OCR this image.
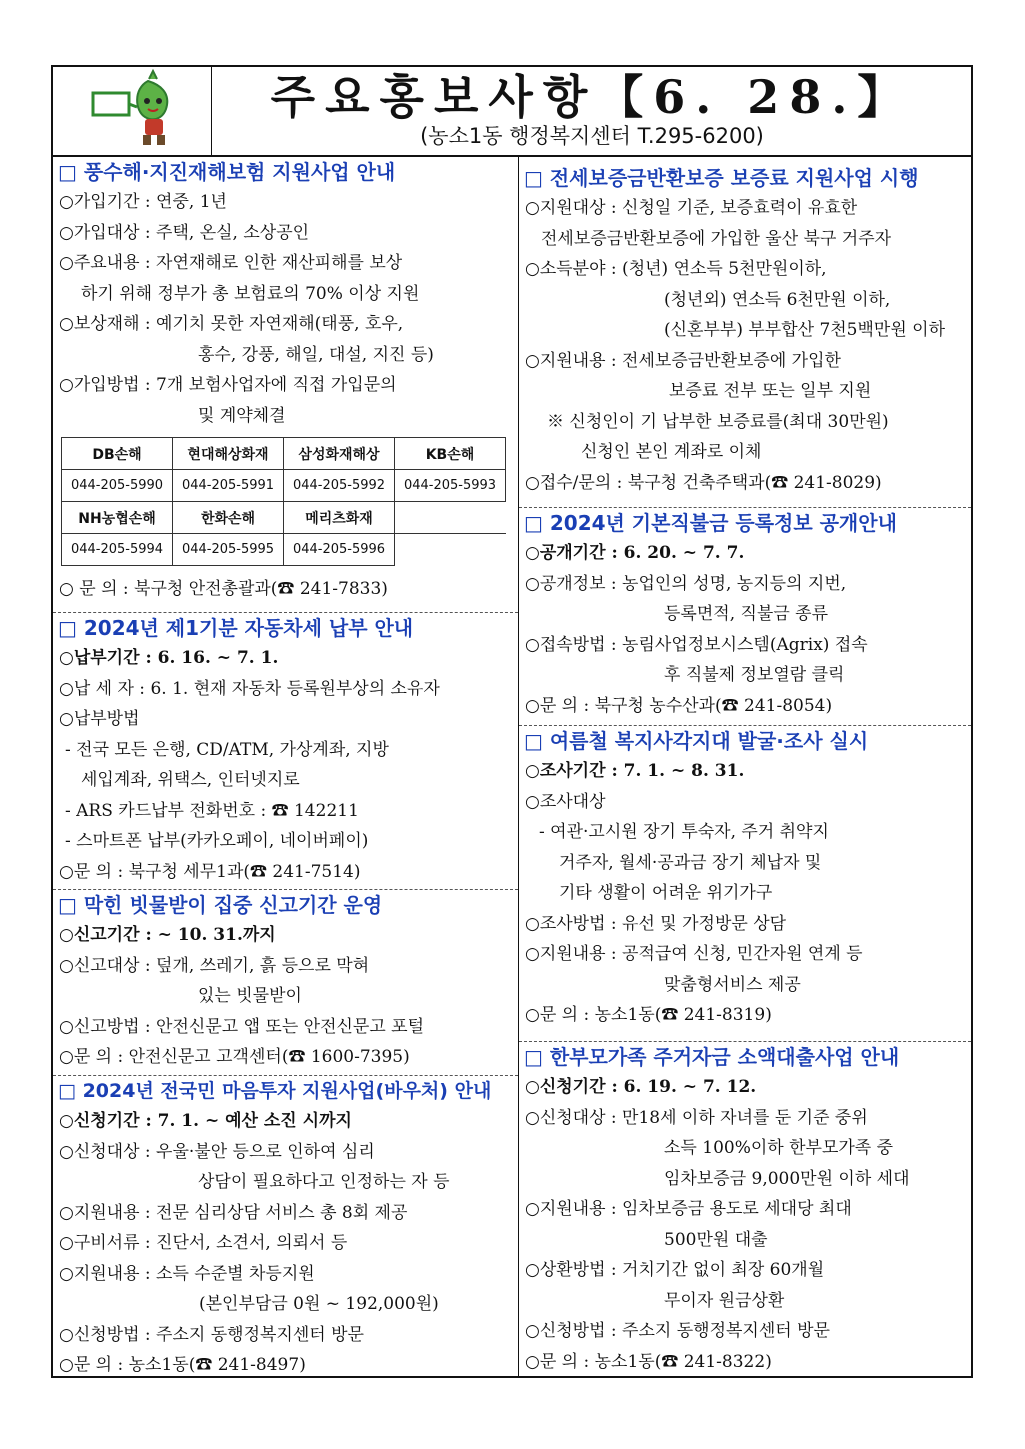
주요홍보사항【6. 28.】
(농소1동 행정복지센터 T.295-6200)
□ 풍수해·지진재해보험 지원사업 안내
○가입기간 : 연중, 1년
○가입대상 : 주택, 온실, 소상공인
○주요내용 : 자연재해로 인한 재산피해를 보상
하기 위해 정부가 총 보험료의 70% 이상 지원
○보상재해 : 예기치 못한 자연재해(태풍, 호우,
홍수, 강풍, 해일, 대설, 지진 등)
○가입방법 : 7개 보험사업자에 직접 가입문의
및 계약체결
DB손해	현대해상화재	삼성화재해상	KB손해
044-205-5990	044-205-5991	044-205-5992	044-205-5993
NH농협손해	한화손해	메리츠화재	
044-205-5994	044-205-5995	044-205-5996	
○ 문 의 : 북구청 안전총괄과(☎ 241-7833)
□ 2024년 제1기분 자동차세 납부 안내
○납부기간 : 6. 16. ~ 7. 1.
○납 세 자 : 6. 1. 현재 자동차 등록원부상의 소유자
○납부방법
- 전국 모든 은행, CD/ATM, 가상계좌, 지방
세입계좌, 위택스, 인터넷지로
- ARS 카드납부 전화번호 : ☎ 142211
- 스마트폰 납부(카카오페이, 네이버페이)
○문 의 : 북구청 세무1과(☎ 241-7514)
□ 막힌 빗물받이 집중 신고기간 운영
○신고기간 : ~ 10. 31.까지
○신고대상 : 덮개, 쓰레기, 흙 등으로 막혀
있는 빗물받이
○신고방법 : 안전신문고 앱 또는 안전신문고 포털
○문 의 : 안전신문고 고객센터(☎ 1600-7395)
□ 2024년 전국민 마음투자 지원사업(바우처) 안내
○신청기간 : 7. 1. ~ 예산 소진 시까지
○신청대상 : 우울·불안 등으로 인하여 심리
상담이 필요하다고 인정하는 자 등
○지원내용 : 전문 심리상담 서비스 총 8회 제공
○구비서류 : 진단서, 소견서, 의뢰서 등
○지원내용 : 소득 수준별 차등지원
(본인부담금 0원 ~ 192,000원)
○신청방법 : 주소지 동행정복지센터 방문
○문 의 : 농소1동(☎ 241-8497)
□ 전세보증금반환보증 보증료 지원사업 시행
○지원대상 : 신청일 기준, 보증효력이 유효한
전세보증금반환보증에 가입한 울산 북구 거주자
○소득분야 : (청년) 연소득 5천만원이하,
(청년외) 연소득 6천만원 이하,
(신혼부부) 부부합산 7천5백만원 이하
○지원내용 : 전세보증금반환보증에 가입한
보증료 전부 또는 일부 지원
※ 신청인이 기 납부한 보증료를(최대 30만원)
신청인 본인 계좌로 이체
○접수/문의 : 북구청 건축주택과(☎ 241-8029)
□ 2024년 기본직불금 등록정보 공개안내
○공개기간 : 6. 20. ~ 7. 7.
○공개정보 : 농업인의 성명, 농지등의 지번,
등록면적, 직불금 종류
○접속방법 : 농림사업정보시스템(Agrix) 접속
후 직불제 정보열람 클릭
○문 의 : 북구청 농수산과(☎ 241-8054)
□ 여름철 복지사각지대 발굴·조사 실시
○조사기간 : 7. 1. ~ 8. 31.
○조사대상
- 여관·고시원 장기 투숙자, 주거 취약지
거주자, 월세·공과금 장기 체납자 및
기타 생활이 어려운 위기가구
○조사방법 : 유선 및 가정방문 상담
○지원내용 : 공적급여 신청, 민간자원 연계 등
맞춤형서비스 제공
○문 의 : 농소1동(☎ 241-8319)
□ 한부모가족 주거자금 소액대출사업 안내
○신청기간 : 6. 19. ~ 7. 12.
○신청대상 : 만18세 이하 자녀를 둔 기준 중위
소득 100%이하 한부모가족 중
임차보증금 9,000만원 이하 세대
○지원내용 : 임차보증금 용도로 세대당 최대
500만원 대출
○상환방법 : 거치기간 없이 최장 60개월
무이자 원금상환
○신청방법 : 주소지 동행정복지센터 방문
○문 의 : 농소1동(☎ 241-8322)
